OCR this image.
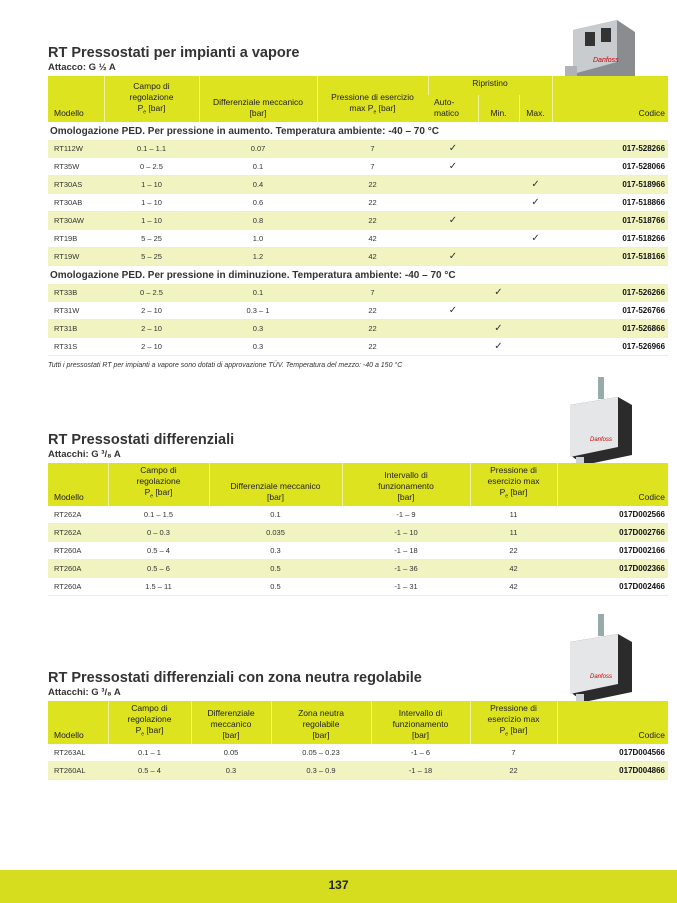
Danfoss
Danfoss
Danfoss
RT Pressostati per impianti a vapore
Attacco: G ½ A
Modello	Campo di
regolazione
$P_e$ [bar]	Differenziale meccanico
[bar]	Pressione di esercizio
$\max P_e$ [bar]	Ripristino			Codice
				Auto-
matico	Min.	Max.	
Omologazione PED. Per pressione in aumento. Temperatura ambiente: -40 – 70 °C							
RT112W	0.1 – 1.1	0.07	7	✓			017-528266
RT35W	0 – 2.5	0.1	7	✓			017-528066
RT30AS	1 – 10	0.4	22			✓	017-518966
RT30AB	1 – 10	0.6	22			✓	017-518866
RT30AW	1 – 10	0.8	22	✓			017-518766
RT19B	5 – 25	1.0	42			✓	017-518266
RT19W	5 – 25	1.2	42	✓			017-518166
Omologazione PED. Per pressione in diminuzione. Temperatura ambiente: -40 – 70 °C							
RT33B	0 – 2.5	0.1	7		✓		017-526266
RT31W	2 – 10	0.3 – 1	22	✓			017-526766
RT31B	2 – 10	0.3	22		✓		017-526866
RT31S	2 – 10	0.3	22		✓		017-526966
Tutti i pressostati RT per impianti a vapore sono dotati di approvazione TÜV. Temperatura del mezzo: -40 a 150 °C
RT Pressostati differenziali
Attacchi: G ³/₈ A
Modello	Campo di
regolazione
$P_e$ [bar]	Differenziale meccanico
[bar]	Intervallo di
funzionamento
[bar]	Pressione di
esercizio max
$P_e$ [bar]	Codice
RT262A	0.1 – 1.5	0.1	-1 – 9	11	017D002566
RT262A	0 – 0.3	0.035	-1 – 10	11	017D002766
RT260A	0.5 – 4	0.3	-1 – 18	22	017D002166
RT260A	0.5 – 6	0.5	-1 – 36	42	017D002366
RT260A	1.5 – 11	0.5	-1 – 31	42	017D002466
RT Pressostati differenziali con zona neutra regolabile
Attacchi: G ³/₈ A
Modello	Campo di
regolazione
$P_e$ [bar]	Differenziale
meccanico
[bar]	Zona neutra
regolabile
[bar]	Intervallo di
funzionamento
[bar]	Pressione di
esercizio max
$P_e$ [bar]	Codice
RT263AL	0.1 – 1	0.05	0.05 – 0.23	-1 – 6	7	017D004566
RT260AL	0.5 – 4	0.3	0.3 – 0.9	-1 – 18	22	017D004866
137
